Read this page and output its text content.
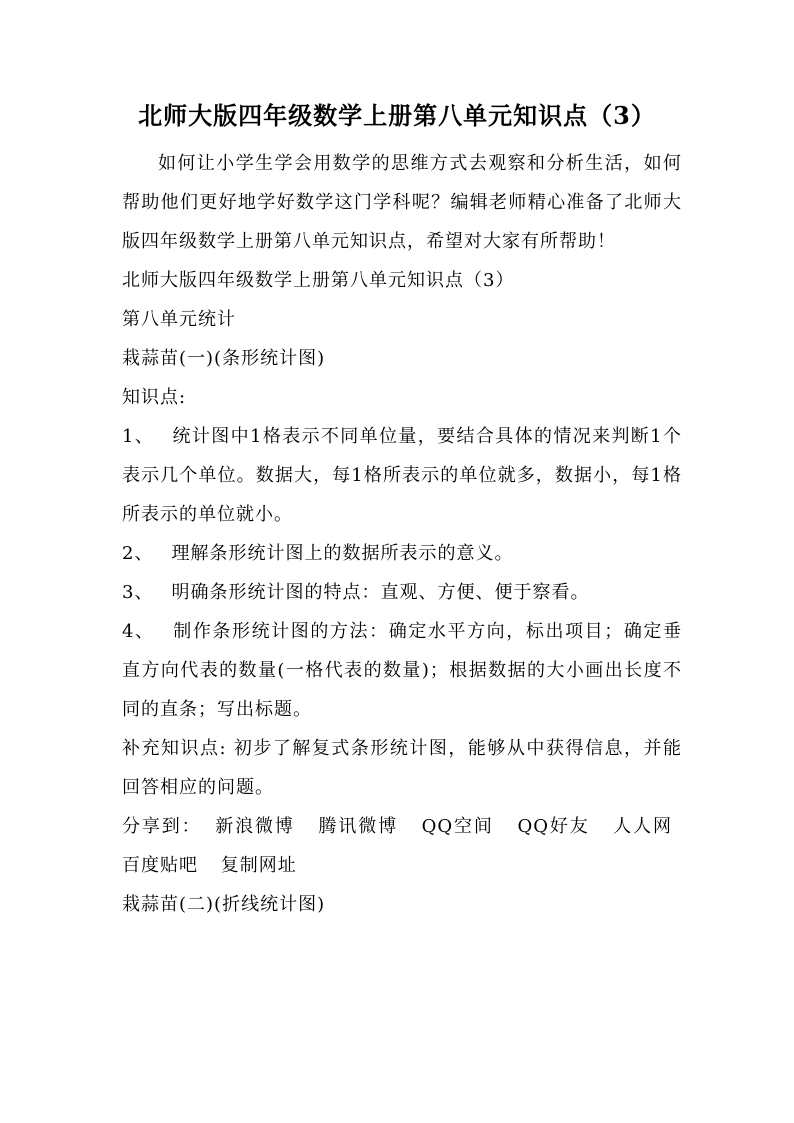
北师大版四年级数学上册第八单元知识点（3）

如何让小学生学会用数学的思维方式去观察和分析生活，如何帮助他们更好地学好数学这门学科呢？编辑老师精心准备了北师大版四年级数学上册第八单元知识点，希望对大家有所帮助！

北师大版四年级数学上册第八单元知识点（3）

第八单元统计

栽蒜苗(一)(条形统计图)

知识点:

1、 统计图中1格表示不同单位量，要结合具体的情况来判断1个表示几个单位。数据大，每1格所表示的单位就多，数据小，每1格所表示的单位就小。
2、 理解条形统计图上的数据所表示的意义。
3、 明确条形统计图的特点：直观、方便、便于察看。
4、 制作条形统计图的方法：确定水平方向，标出项目；确定垂直方向代表的数量(一格代表的数量)；根据数据的大小画出长度不同的直条；写出标题。

补充知识点: 初步了解复式条形统计图，能够从中获得信息，并能回答相应的问题。

分享到： 新浪微博 腾讯微博 QQ空间 QQ好友 人人网 百度贴吧 复制网址

栽蒜苗(二)(折线统计图)
